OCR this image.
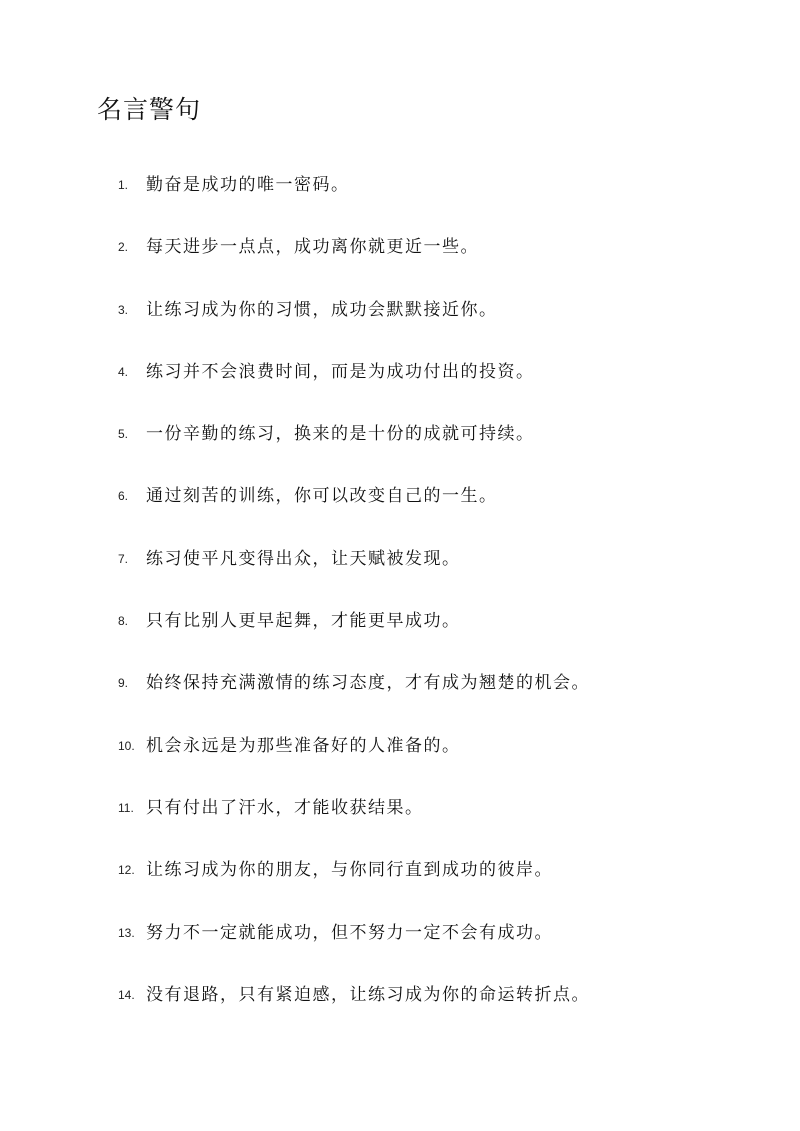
名言警句
1.	勤奋是成功的唯一密码。
2.	每天进步一点点，成功离你就更近一些。
3.	让练习成为你的习惯，成功会默默接近你。
4.	练习并不会浪费时间，而是为成功付出的投资。
5.	一份辛勤的练习，换来的是十份的成就可持续。
6.	通过刻苦的训练，你可以改变自己的一生。
7.	练习使平凡变得出众，让天赋被发现。
8.	只有比别人更早起舞，才能更早成功。
9.	始终保持充满激情的练习态度，才有成为翘楚的机会。
10. 机会永远是为那些准备好的人准备的。
11. 只有付出了汗水，才能收获结果。
12. 让练习成为你的朋友，与你同行直到成功的彼岸。
13. 努力不一定就能成功，但不努力一定不会有成功。
14. 没有退路，只有紧迫感，让练习成为你的命运转折点。
